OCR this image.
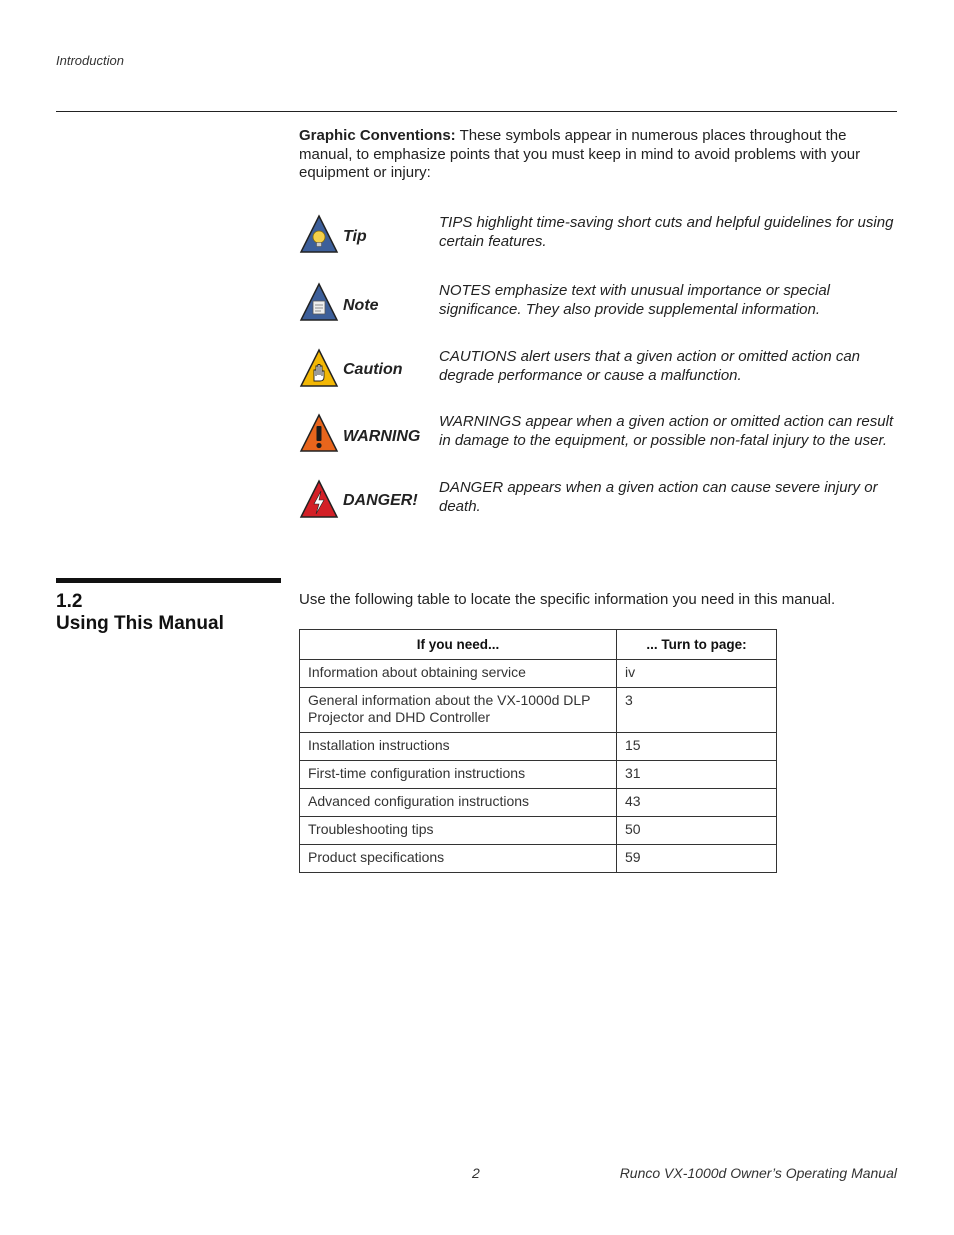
Introduction
Graphic Conventions: These symbols appear in numerous places throughout the manual, to emphasize points that you must keep in mind to avoid problems with your equipment or injury:
Tip
TIPS highlight time-saving short cuts and helpful guidelines for using certain features.
Note
NOTES emphasize text with unusual importance or special significance. They also provide supplemental information.
Caution
CAUTIONS alert users that a given action or omitted action can degrade performance or cause a malfunction.
WARNING
WARNINGS appear when a given action or omitted action can result in damage to the equipment, or possible non-fatal injury to the user.
DANGER!
DANGER appears when a given action can cause severe injury or death.
1.2
Using This Manual
Use the following table to locate the specific information you need in this manual.
If you need...	... Turn to page:
Information about obtaining service	iv
General information about the VX-1000d DLP Projector and DHD Controller	3
Installation instructions	15
First-time configuration instructions	31
Advanced configuration instructions	43
Troubleshooting tips	50
Product specifications	59
2	Runco VX-1000d Owner’s Operating Manual
